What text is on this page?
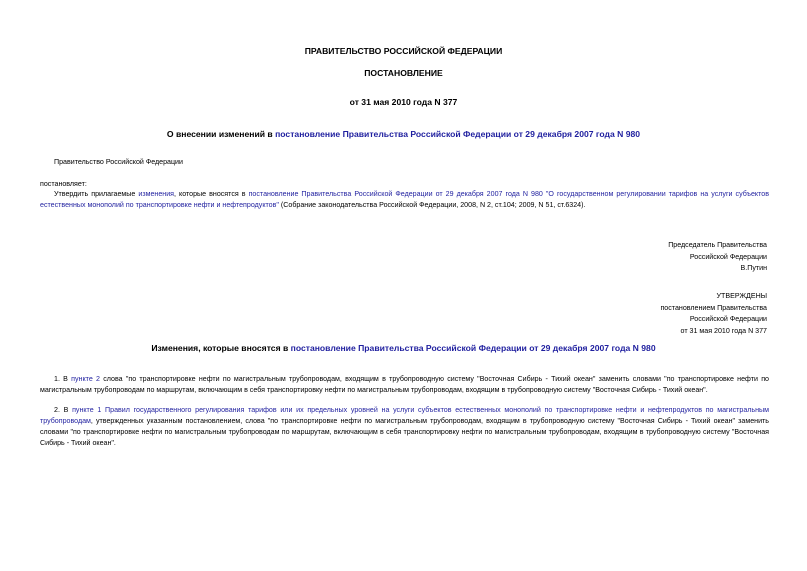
ПРАВИТЕЛЬСТВО РОССИЙСКОЙ ФЕДЕРАЦИИ
ПОСТАНОВЛЕНИЕ
от 31 мая 2010 года N 377
О внесении изменений в постановление Правительства Российской Федерации от 29 декабря 2007 года N 980
Правительство Российской Федерации
постановляет:
Утвердить прилагаемые изменения, которые вносятся в постановление Правительства Российской Федерации от 29 декабря 2007 года N 980 "О государственном регулировании тарифов на услуги субъектов естественных монополий по транспортировке нефти и нефтепродуктов" (Собрание законодательства Российской Федерации, 2008, N 2, ст.104; 2009, N 51, ст.6324).
Председатель Правительства
Российской Федерации
В.Путин
УТВЕРЖДЕНЫ
постановлением Правительства
Российской Федерации
от 31 мая 2010 года N 377
Изменения, которые вносятся в постановление Правительства Российской Федерации от 29 декабря 2007 года N 980
1. В пункте 2 слова "по транспортировке нефти по магистральным трубопроводам, входящим в трубопроводную систему "Восточная Сибирь - Тихий океан" заменить словами "по транспортировке нефти по магистральным трубопроводам по маршрутам, включающим в себя транспортировку нефти по магистральным трубопроводам, входящим в трубопроводную систему "Восточная Сибирь - Тихий океан".
2. В пункте 1 Правил государственного регулирования тарифов или их предельных уровней на услуги субъектов естественных монополий по транспортировке нефти и нефтепродуктов по магистральным трубопроводам, утвержденных указанным постановлением, слова "по транспортировке нефти по магистральным трубопроводам, входящим в трубопроводную систему "Восточная Сибирь - Тихий океан" заменить словами "по транспортировке нефти по магистральным трубопроводам по маршрутам, включающим в себя транспортировку нефти по магистральным трубопроводам, входящим в трубопроводную систему "Восточная Сибирь - Тихий океан".
